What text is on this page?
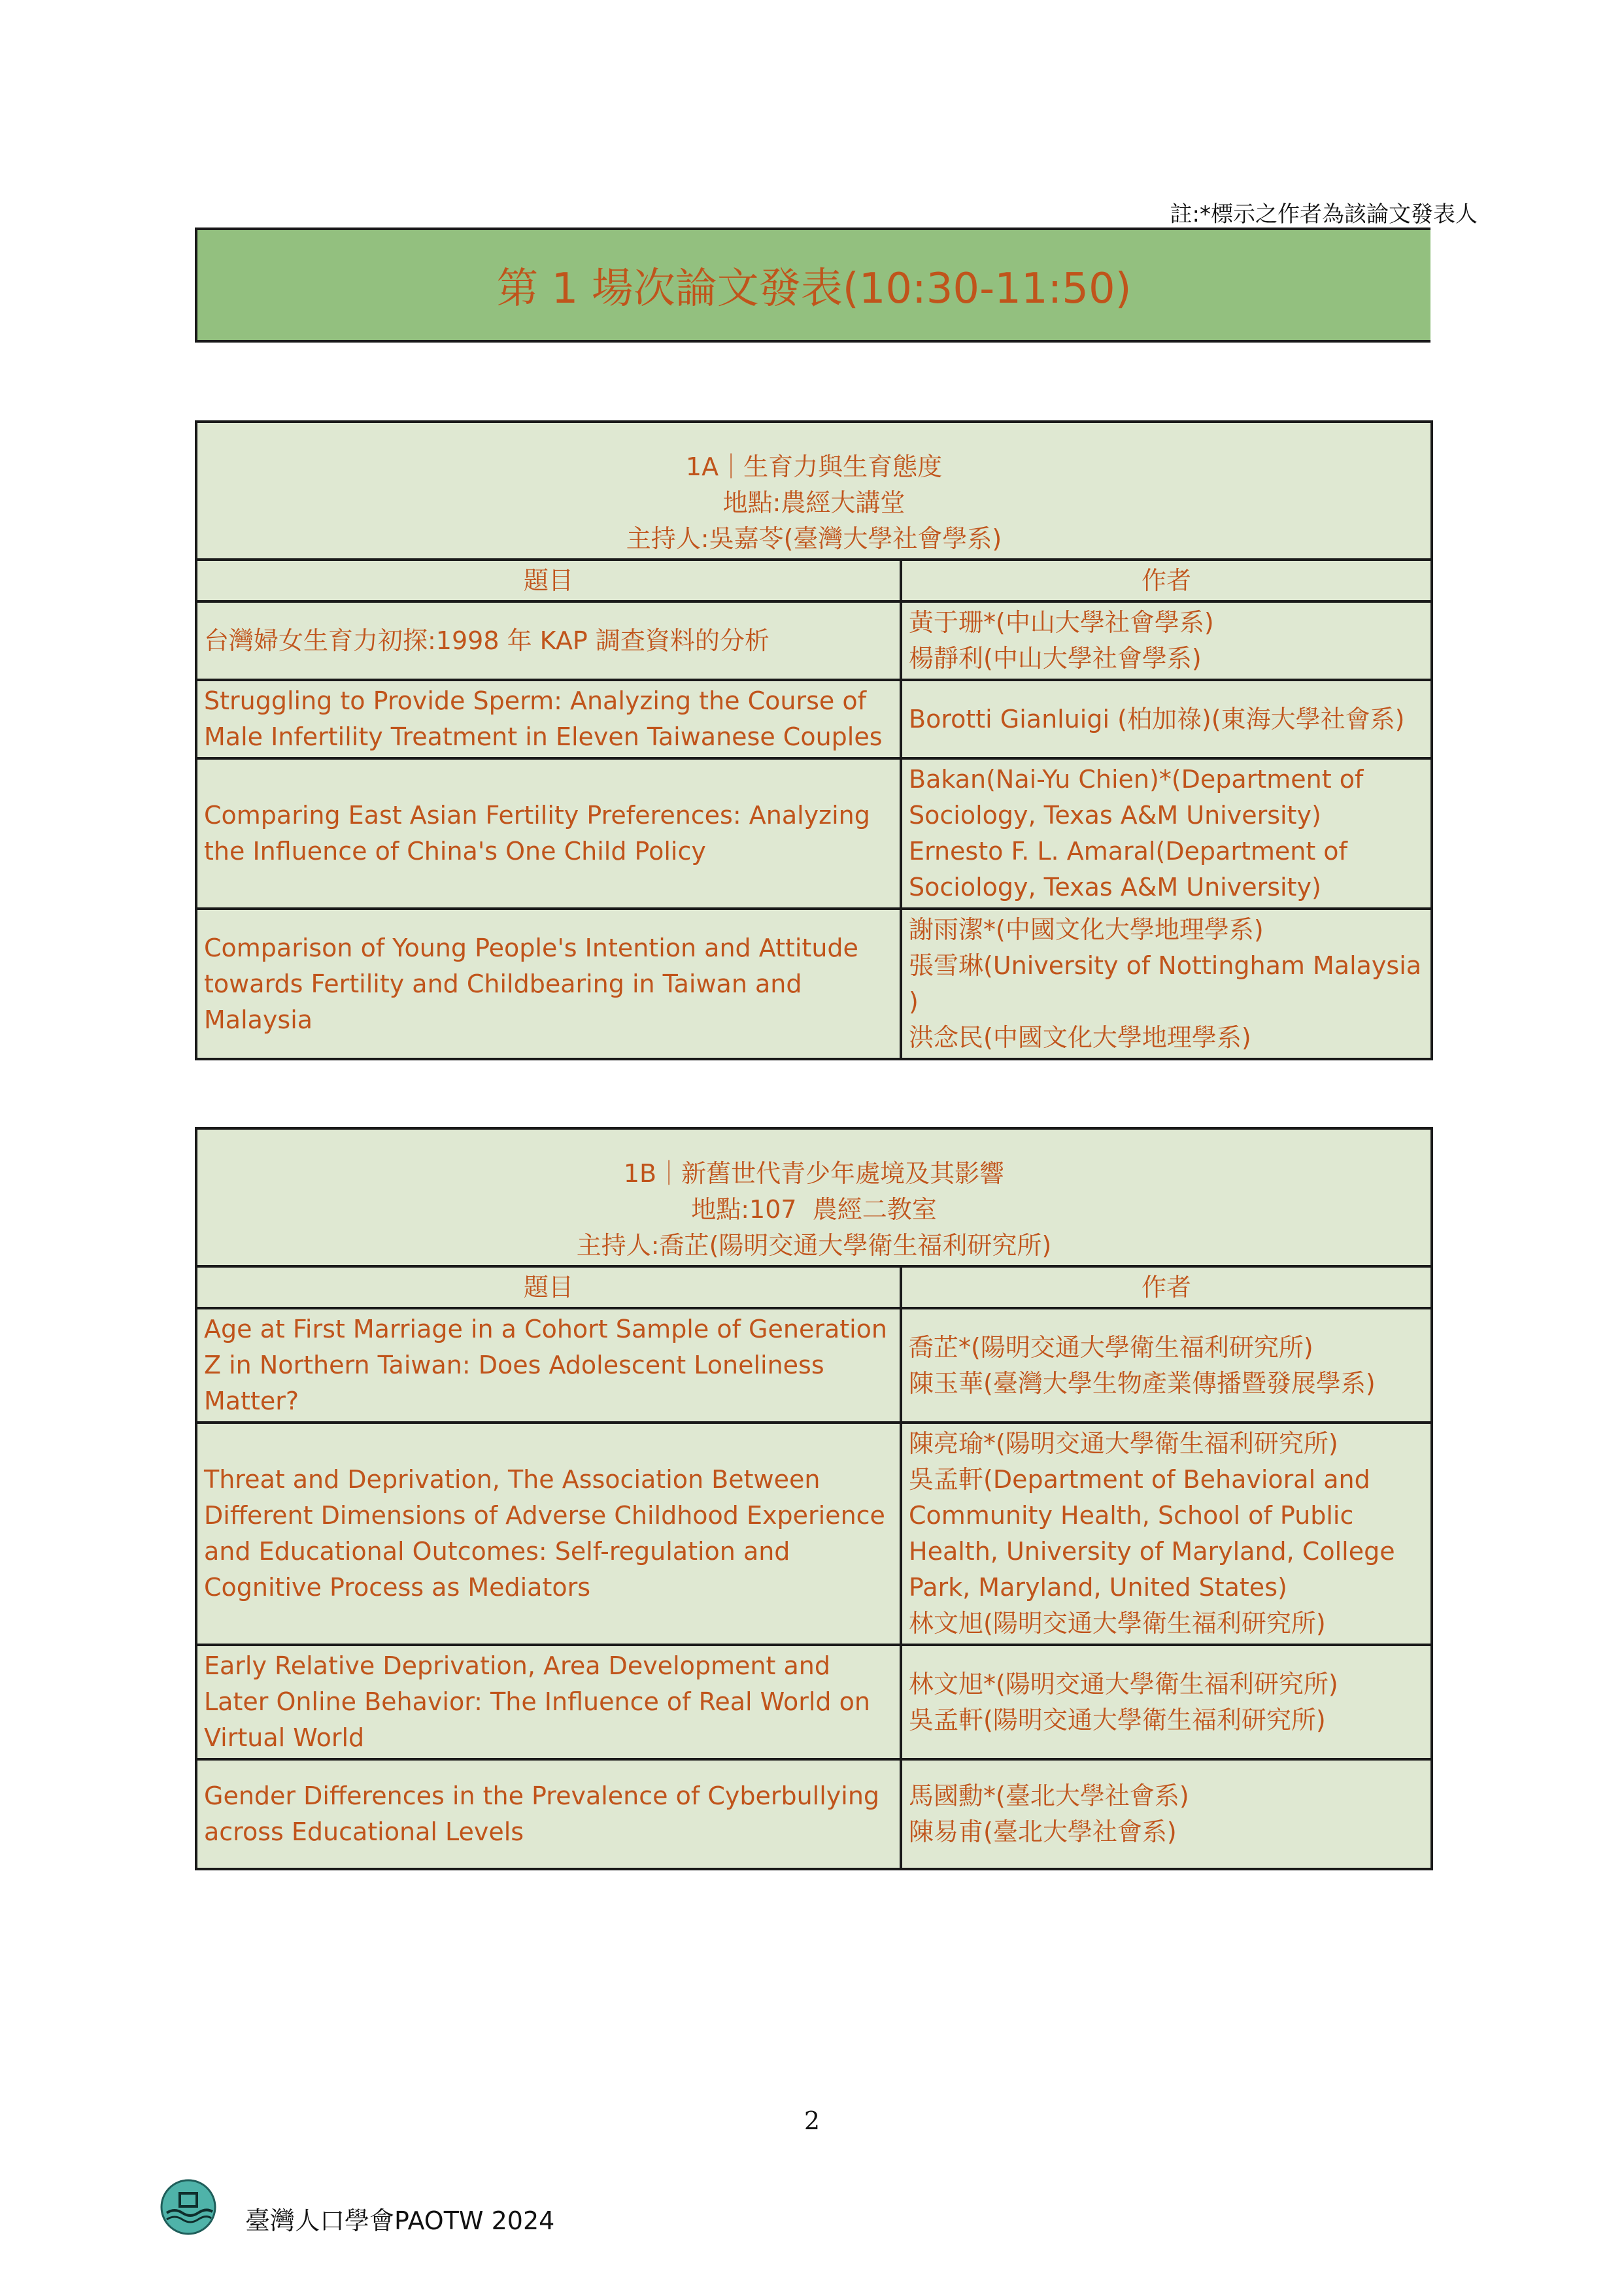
註:*標示之作者為該論文發表人
第 1 場次論文發表(10:30-11:50)
1A｜生育力與生育態度
地點:農經大講堂
主持人:吳嘉苓(臺灣大學社會學系)	

題目	作者
台灣婦女生育力初探:1998 年 KAP 調查資料的分析	黃于珊*(中山大學社會學系)
楊靜利(中山大學社會學系)

Struggling to Provide Sperm: Analyzing the Course of Male Infertility Treatment in Eleven Taiwanese Couples	Borotti Gianluigi (柏加祿)(東海大學社會系)

Comparing East Asian Fertility Preferences: Analyzing the Influence of China's One Child Policy	Bakan(Nai-Yu Chien)*(Department of Sociology, Texas A&M University)
Ernesto F. L. Amaral(Department of Sociology, Texas A&M University)

Comparison of Young People's Intention and Attitude towards Fertility and Childbearing in Taiwan and Malaysia	謝雨潔*(中國文化大學地理學系)
張雪琳(University of Nottingham Malaysia )
洪念民(中國文化大學地理學系)
1B｜新舊世代青少年處境及其影響
地點:107  農經二教室
主持人:喬芷(陽明交通大學衛生福利研究所)	

題目	作者
Age at First Marriage in a Cohort Sample of Generation Z in Northern Taiwan: Does Adolescent Loneliness Matter?	喬芷*(陽明交通大學衛生福利研究所)
陳玉華(臺灣大學生物產業傳播暨發展學系)

Threat and Deprivation, The Association Between Different Dimensions of Adverse Childhood Experience and Educational Outcomes: Self-regulation and Cognitive Process as Mediators	陳亮瑜*(陽明交通大學衛生福利研究所)
吳孟軒(Department of Behavioral and Community Health, School of Public Health, University of Maryland, College Park, Maryland, United States)
林文旭(陽明交通大學衛生福利研究所)

Early Relative Deprivation, Area Development and Later Online Behavior: The Influence of Real World on Virtual World	林文旭*(陽明交通大學衛生福利研究所)
吳孟軒(陽明交通大學衛生福利研究所)

Gender Differences in the Prevalence of Cyberbullying across Educational Levels	馬國勳*(臺北大學社會系)
陳易甫(臺北大學社會系)
2
臺灣人口學會PAOTW 2024
